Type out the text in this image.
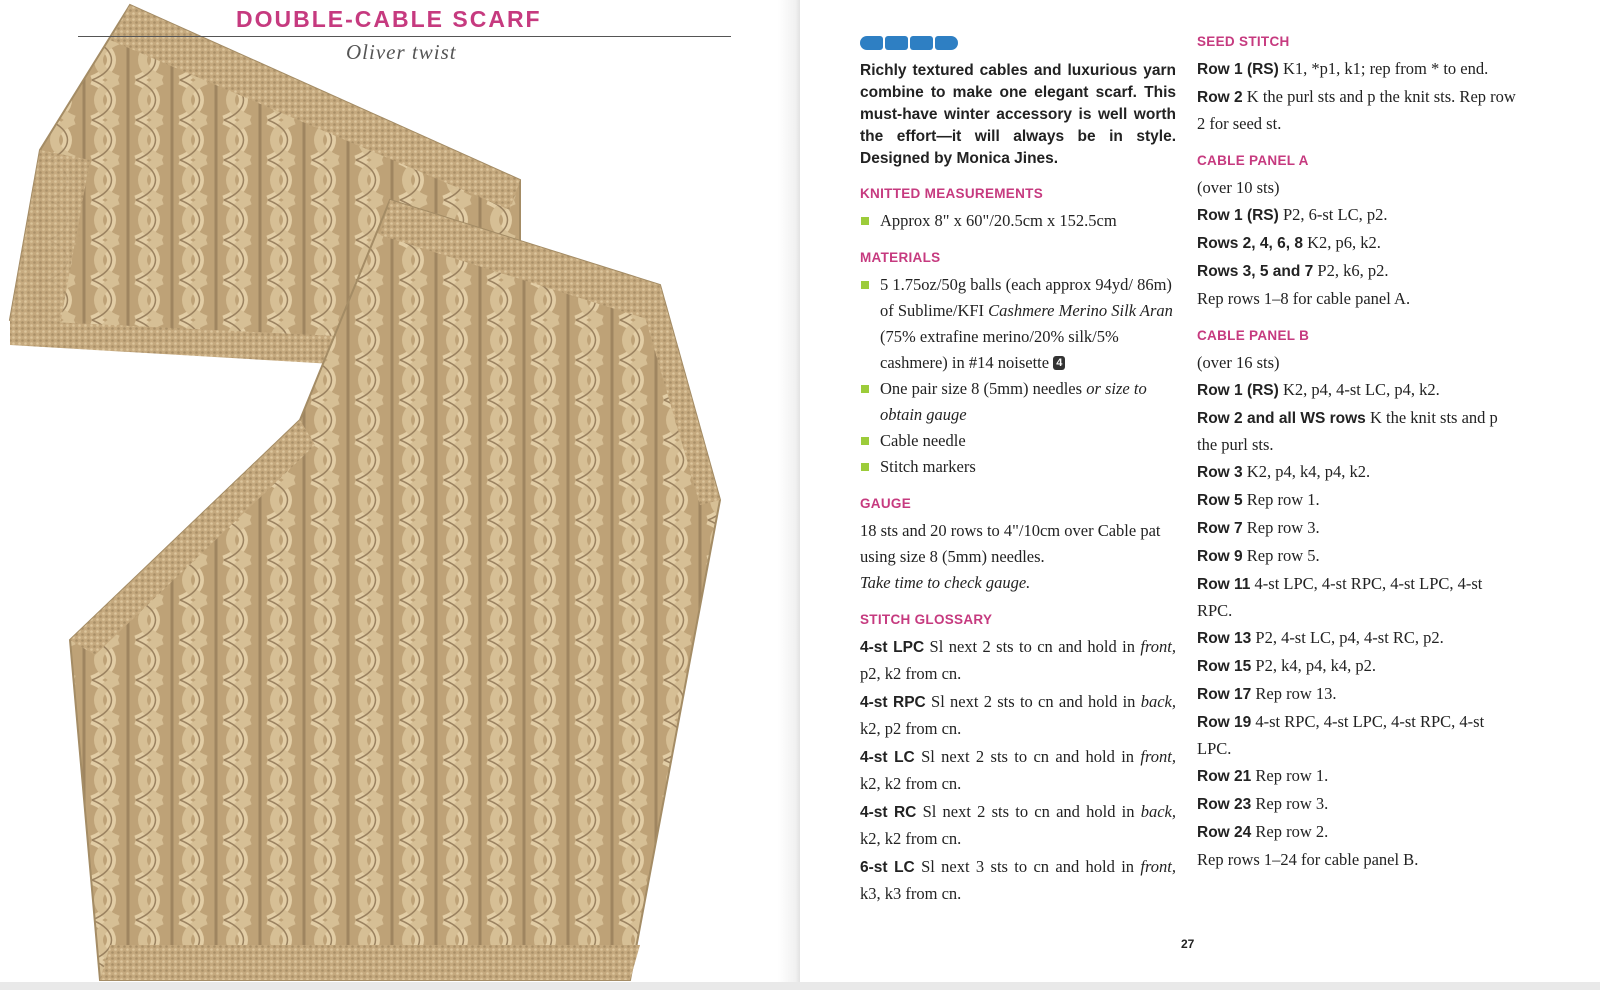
DOUBLE-CABLE SCARF
Oliver twist

Richly textured cables and luxurious yarn combine to make one elegant scarf. This must-have winter accessory is well worth the effort—it will always be in style. Designed by Monica Jines.

KNITTED MEASUREMENTS

Approx 8" x 60"/20.5cm x 152.5cm

MATERIALS

5 1.75oz/50g balls (each approx 94yd/ 86m) of Sublime/KFI Cashmere Merino Silk Aran (75% extrafine merino/20% silk/5% cashmere) in #14 noisette 4

One pair size 8 (5mm) needles or size to obtain gauge

Cable needle

Stitch markers

GAUGE

18 sts and 20 rows to 4"/10cm over Cable pat using size 8 (5mm) needles.

Take time to check gauge.

STITCH GLOSSARY

4-st LPC Sl next 2 sts to cn and hold in front, p2, k2 from cn.

4-st RPC Sl next 2 sts to cn and hold in back, k2, p2 from cn.

4-st LC Sl next 2 sts to cn and hold in front, k2, k2 from cn.

4-st RC Sl next 2 sts to cn and hold in back, k2, k2 from cn.

6-st LC Sl next 3 sts to cn and hold in front, k3, k3 from cn.

SEED STITCH

Row 1 (RS) K1, *p1, k1; rep from * to end.

Row 2 K the purl sts and p the knit sts. Rep row 2 for seed st.

CABLE PANEL A

(over 10 sts)

Row 1 (RS) P2, 6-st LC, p2.

Rows 2, 4, 6, 8 K2, p6, k2.

Rows 3, 5 and 7 P2, k6, p2.

Rep rows 1–8 for cable panel A.

CABLE PANEL B

(over 16 sts)

Row 1 (RS) K2, p4, 4-st LC, p4, k2.

Row 2 and all WS rows K the knit sts and p the purl sts.

Row 3 K2, p4, k4, p4, k2.

Row 5 Rep row 1.

Row 7 Rep row 3.

Row 9 Rep row 5.

Row 11 4-st LPC, 4-st RPC, 4-st LPC, 4-st RPC.

Row 13 P2, 4-st LC, p4, 4-st RC, p2.

Row 15 P2, k4, p4, k4, p2.

Row 17 Rep row 13.

Row 19 4-st RPC, 4-st LPC, 4-st RPC, 4-st LPC.

Row 21 Rep row 1.

Row 23 Rep row 3.

Row 24 Rep row 2.

Rep rows 1–24 for cable panel B.

27
